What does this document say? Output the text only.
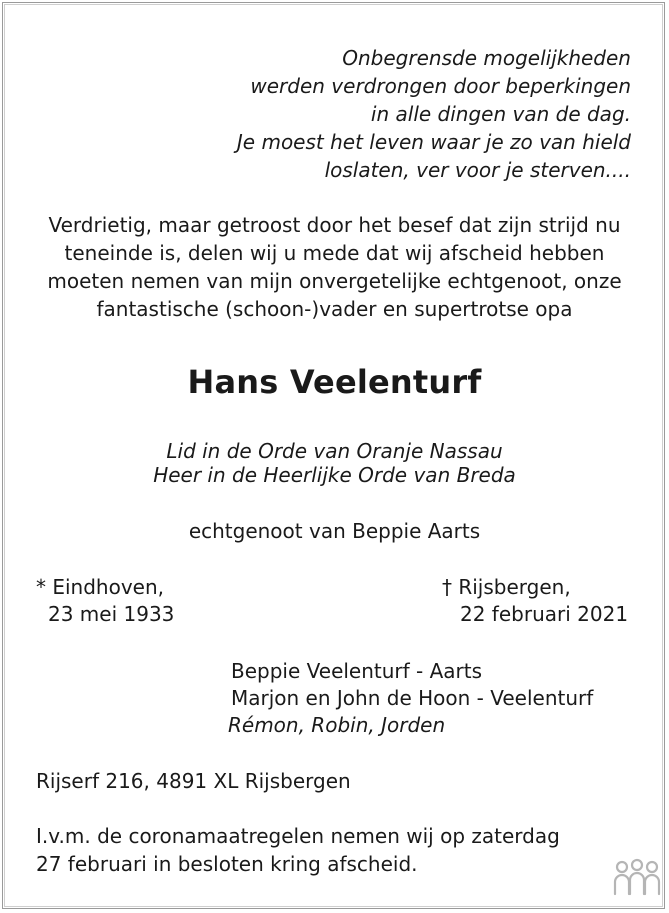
Onbegrensde mogelijkheden
werden verdrongen door beperkingen
in alle dingen van de dag.
Je moest het leven waar je zo van hield
loslaten, ver voor je sterven....
Verdrietig, maar getroost door het besef dat zijn strijd nu
teneinde is, delen wij u mede dat wij afscheid hebben
moeten nemen van mijn onvergetelijke echtgenoot, onze
fantastische (schoon-)vader en supertrotse opa
Hans Veelenturf
Lid in de Orde van Oranje Nassau
Heer in de Heerlijke Orde van Breda
echtgenoot van Beppie Aarts
* Eindhoven,
23 mei 1933
† Rijsbergen,
22 februari 2021
Beppie Veelenturf - Aarts
Marjon en John de Hoon - Veelenturf
Rémon, Robin, Jorden
Rijserf 216, 4891 XL Rijsbergen
I.v.m. de coronamaatregelen nemen wij op zaterdag
27 februari in besloten kring afscheid.
